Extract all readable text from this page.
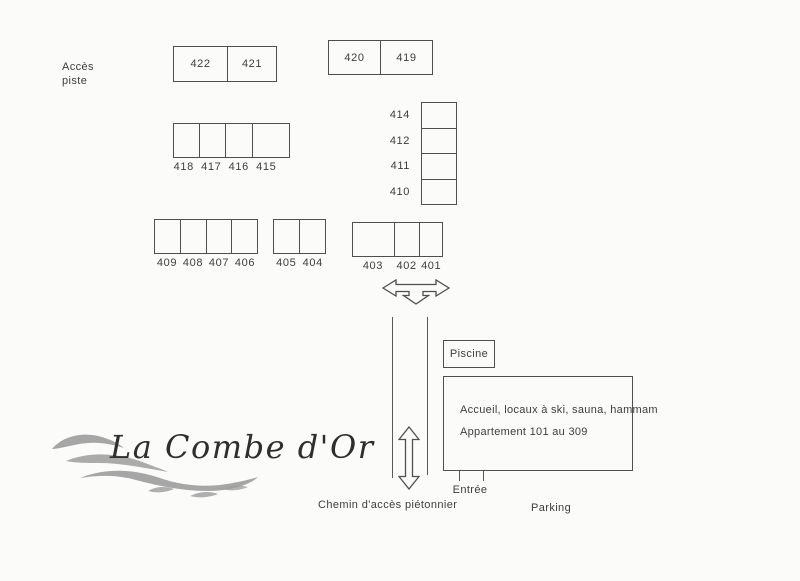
Accès
piste
422	421
420	419
418 417 416 415
414
412
411
410
409 408 407 406 405 404	403	402 401
Piscine
Accueil, locaux à ski, sauna, hammam
Appartement 101 au 309
Entrée
Chemin d'accès piétonnier	Parking
La Combe d'Or
